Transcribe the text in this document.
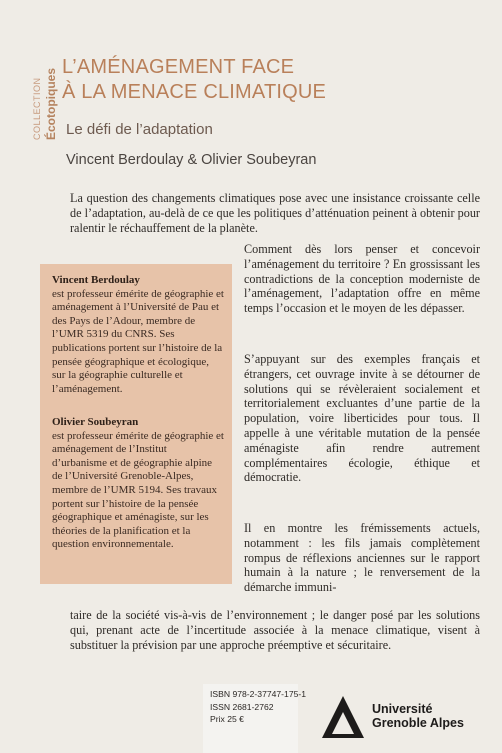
COLLECTION Écotopiques
L’AMÉNAGEMENT FACE
À LA MENACE CLIMATIQUE
Le défi de l’adaptation
Vincent Berdoulay & Olivier Soubeyran

La question des changements climatiques pose avec une insistance croissante celle de l’adaptation, au-delà de ce que les politiques d’atténuation peinent à obtenir pour ralentir le réchauffement de la planète.

Comment dès lors penser et concevoir l’aménagement du territoire ? En grossissant les contradictions de la conception moderniste de l’aménagement, l’adaptation offre en même temps l’occasion et le moyen de les dépasser.

S’appuyant sur des exemples français et étrangers, cet ouvrage invite à se détourner de solutions qui se révèleraient socialement et territorialement excluantes d’une partie de la population, voire liberticides pour tous. Il appelle à une véritable mutation de la pensée aménagiste afin rendre autrement complémentaires écologie, éthique et démocratie.

Il en montre les frémissements actuels, notamment : les fils jamais complètement rompus de réflexions anciennes sur le rapport humain à la nature ; le renversement de la démarche immuni-

taire de la société vis-à-vis de l’environnement ; le danger posé par les solutions qui, prenant acte de l’incertitude associée à la menace climatique, visent à substituer la prévision par une approche préemptive et sécuritaire.

Vincent Berdoulay
est professeur émérite de géographie et aménagement à l’Université de Pau et des Pays de l’Adour, membre de l’UMR 5319 du CNRS. Ses publications portent sur l’histoire de la pensée géographique et écologique, sur la géographie culturelle et l’aménagement.
Olivier Soubeyran
est professeur émérite de géographie et aménagement de l’Institut d’urbanisme et de géographie alpine de l’Université Grenoble-Alpes, membre de l’UMR 5194. Ses travaux portent sur l’histoire de la pensée géographique et aménagiste, sur les théories de la planification et la question environnementale.
ISBN 978-2-37747-175-1
ISSN 2681-2762
Prix 25 €
Université
Grenoble Alpes
